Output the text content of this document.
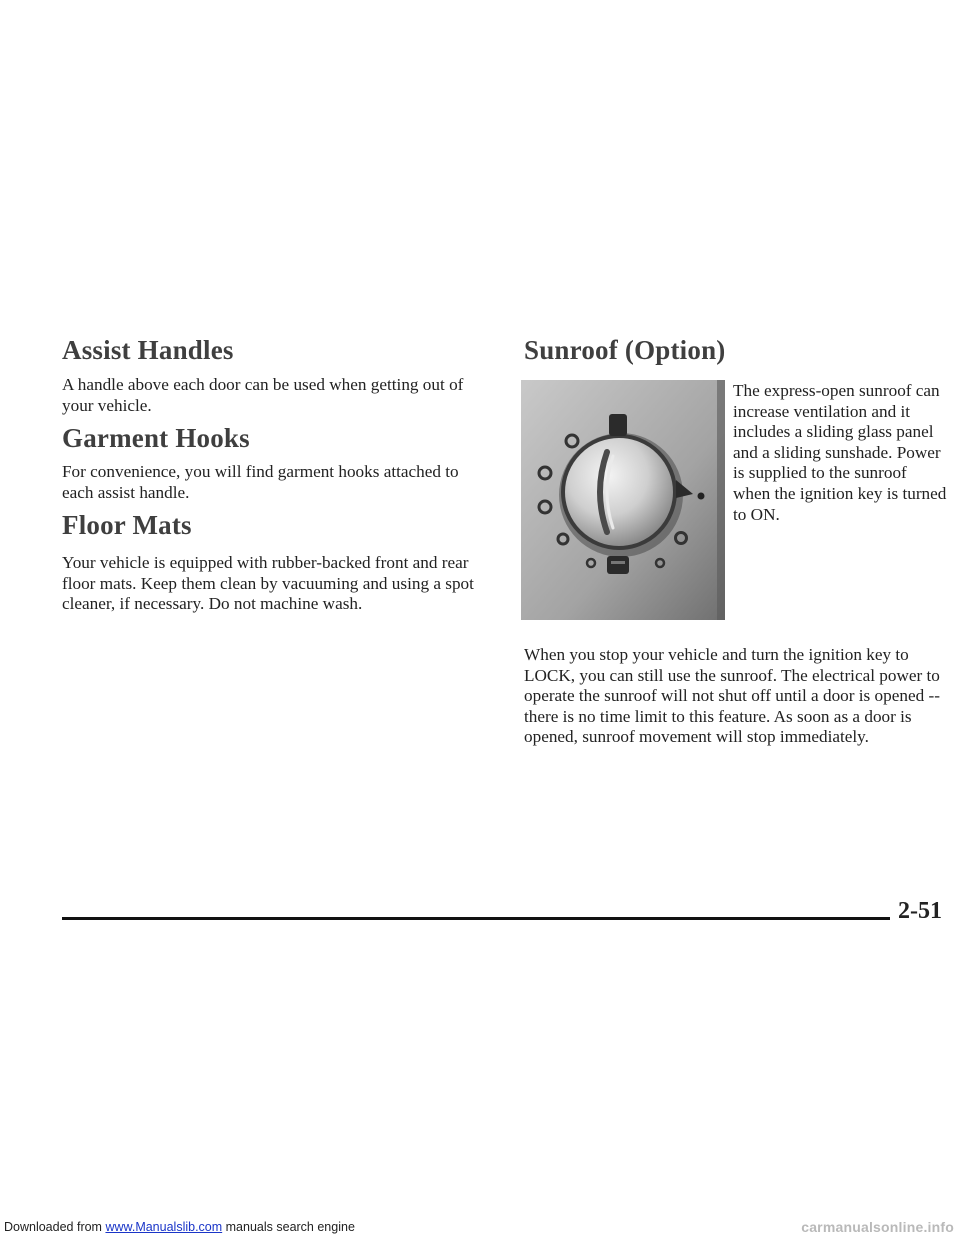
Assist Handles

A handle above each door can be used when getting out of your vehicle.

Garment Hooks

For convenience, you will find garment hooks attached to each assist handle.

Floor Mats

Your vehicle is equipped with rubber-backed front and rear floor mats. Keep them clean by vacuuming and using a spot cleaner, if necessary. Do not machine wash.

Sunroof (Option)

The express-open sunroof can increase ventilation and it includes a sliding glass panel and a sliding sunshade. Power is supplied to the sunroof when the ignition key is turned to ON.

When you stop your vehicle and turn the ignition key to LOCK, you can still use the sunroof. The electrical power to operate the sunroof will not shut off until a door is opened -- there is no time limit to this feature. As soon as a door is opened, sunroof movement will stop immediately.

2-51
Downloaded from www.Manualslib.com manuals search engine	carmanualsonline.info
